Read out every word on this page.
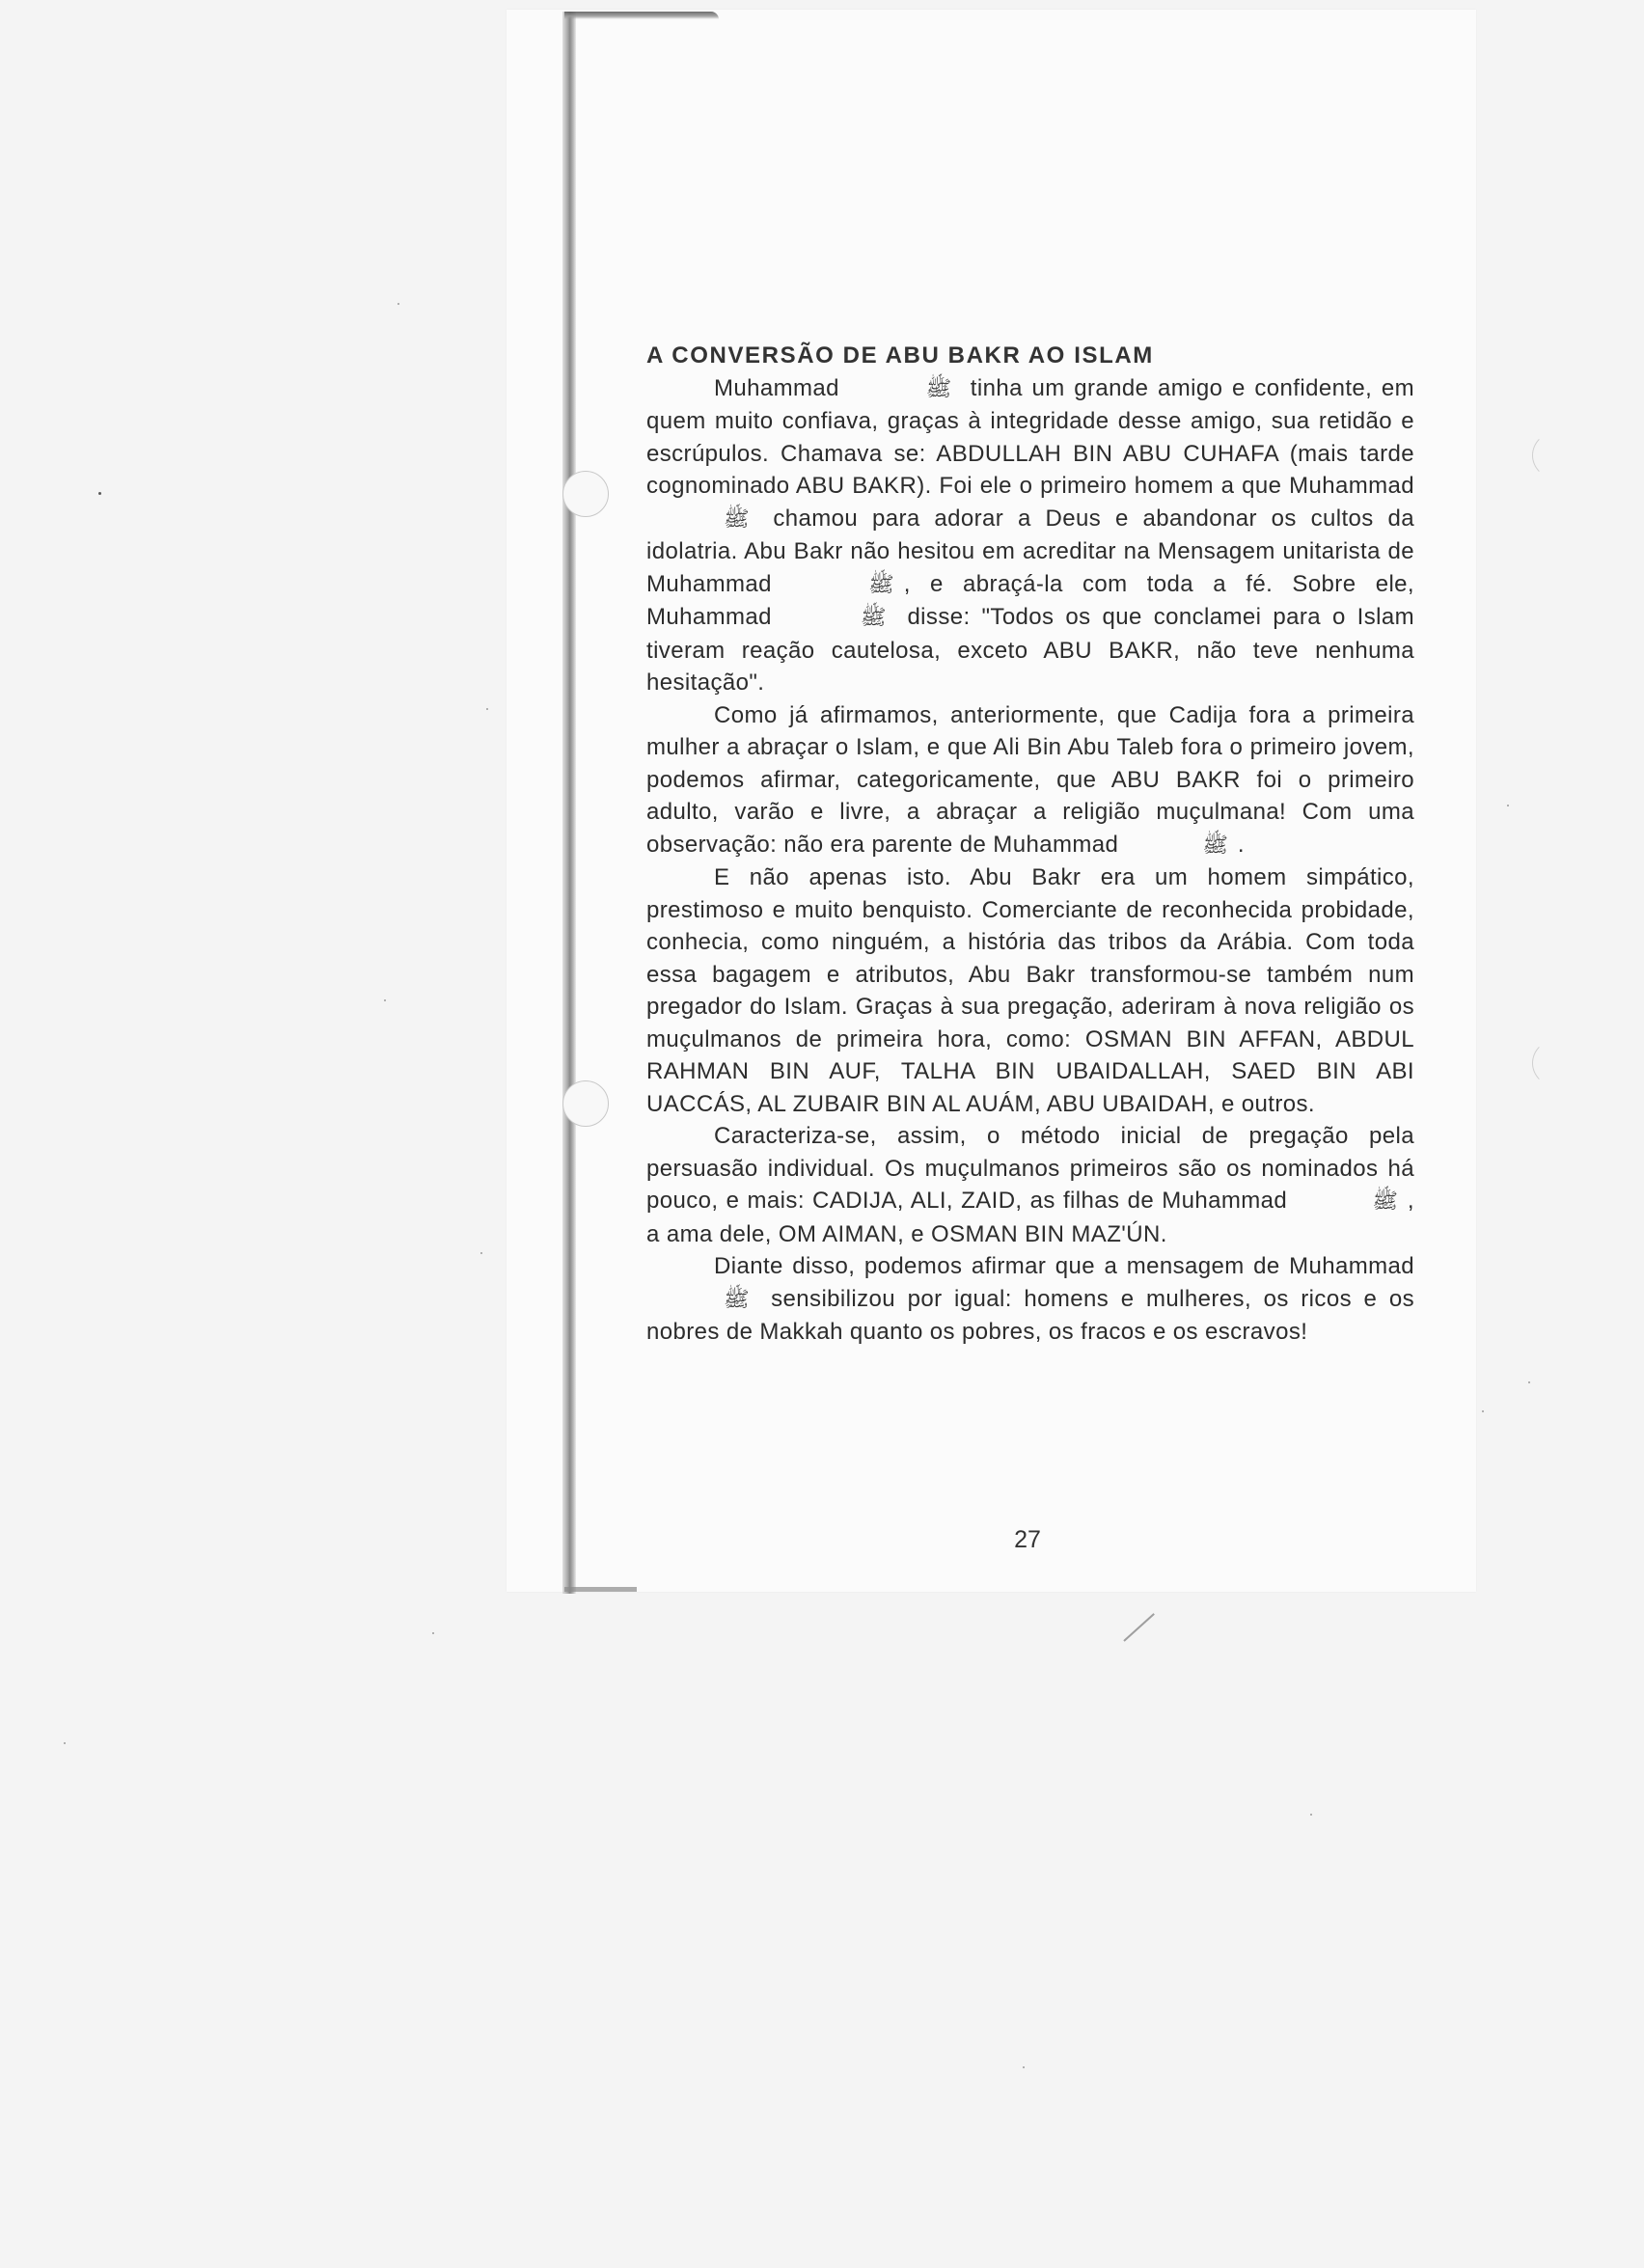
A CONVERSÃO DE ABU BAKR AO ISLAM

Muhammad	ﷺ tinha um grande amigo e confidente, em quem muito confiava, graças à integridade desse amigo, sua retidão e escrúpulos. Chamava se: ABDULLAH BIN ABU CUHAFA (mais tarde cognominado ABU BAKR). Foi ele o primeiro homem a que Muhammad ﷺ chamou para adorar a Deus e abandonar os cultos da idolatria. Abu Bakr não hesitou em acreditar na Mensagem unitarista de Muhammad	ﷺ , e abraçá-la com toda a fé. Sobre ele, Muhammad	ﷺ disse: "Todos os que conclamei para o Islam tiveram reação cautelosa, exceto ABU BAKR, não teve nenhuma hesitação".

Como já afirmamos, anteriormente, que Cadija fora a primeira mulher a abraçar o Islam, e que Ali Bin Abu Taleb fora o primeiro jovem, podemos afirmar, categoricamente, que ABU BAKR foi o primeiro adulto, varão e livre, a abraçar a religião muçulmana! Com uma observação: não era parente de Muhammad	ﷺ .

E não apenas isto. Abu Bakr era um homem simpático, prestimoso e muito benquisto. Comerciante de reconhecida probidade, conhecia, como ninguém, a história das tribos da Arábia. Com toda essa bagagem e atributos, Abu Bakr transformou-se também num pregador do Islam. Graças à sua pregação, aderiram à nova religião os muçulmanos de primeira hora, como: OSMAN BIN AFFAN, ABDUL RAHMAN BIN AUF, TALHA BIN UBAIDALLAH, SAED BIN ABI UACCÁS, AL ZUBAIR BIN AL AUÁM, ABU UBAIDAH, e outros.

Caracteriza-se, assim, o método inicial de pregação pela persuasão individual. Os muçulmanos primeiros são os nominados há pouco, e mais: CADIJA, ALI, ZAID, as filhas de Muhammad	ﷺ , a ama dele, OM AIMAN, e OSMAN BIN MAZ'ÚN.

Diante disso, podemos afirmar que a mensagem de Muhammad ﷺ sensibilizou por igual: homens e mulheres, os ricos e os nobres de Makkah quanto os pobres, os fracos e os escravos!

27
